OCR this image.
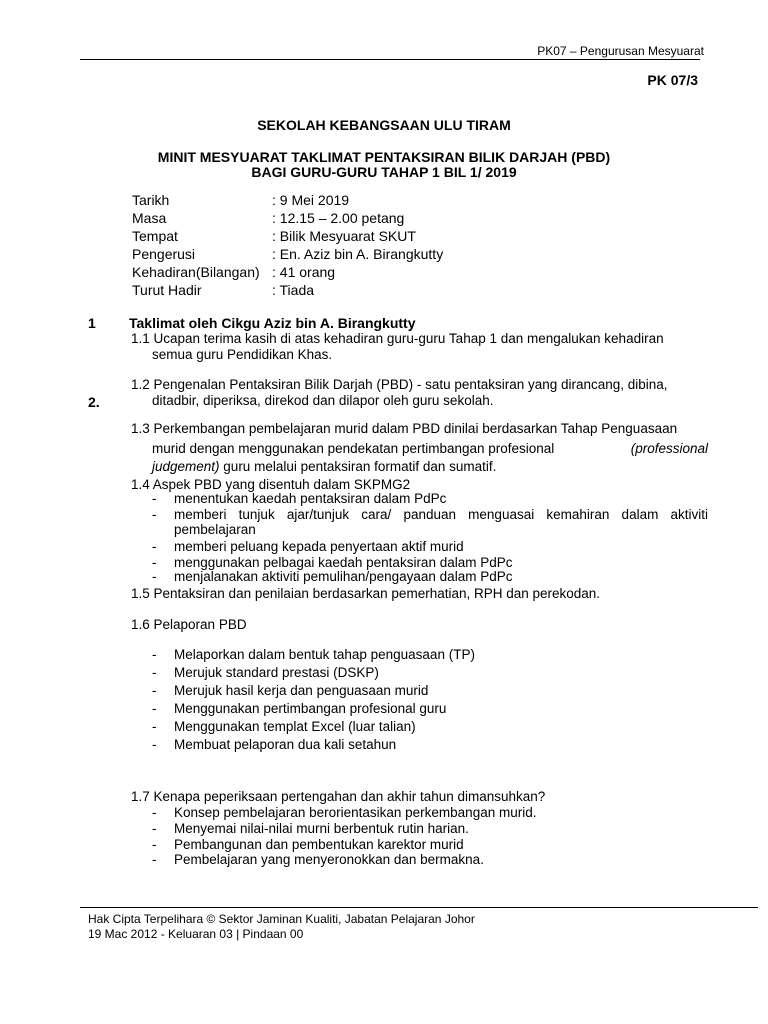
PK07 – Pengurusan Mesyuarat
PK 07/3
SEKOLAH KEBANGSAAN ULU TIRAM
MINIT MESYUARAT TAKLIMAT PENTAKSIRAN BILIK DARJAH (PBD)
BAGI GURU-GURU TAHAP 1 BIL 1/ 2019
Tarikh	: 9 Mei 2019
Masa	: 12.15 – 2.00 petang
Tempat	: Bilik Mesyuarat SKUT
Pengerusi	: En. Aziz bin A. Birangkutty
Kehadiran(Bilangan) : 41 orang
Turut Hadir	: Tiada
1 Taklimat oleh Cikgu Aziz bin A. Birangkutty
1.1 Ucapan terima kasih di atas kehadiran guru-guru Tahap 1 dan mengalukan kehadiran
semua guru Pendidikan Khas.
1.2 Pengenalan Pentaksiran Bilik Darjah (PBD) - satu pentaksiran yang dirancang, dibina,
2.	ditadbir, diperiksa, direkod dan dilapor oleh guru sekolah.
1.3 Perkembangan pembelajaran murid dalam PBD dinilai berdasarkan Tahap Penguasaan
murid dengan menggunakan pendekatan pertimbangan profesional	(professional
judgement) guru melalui pentaksiran formatif dan sumatif.
1.4 Aspek PBD yang disentuh dalam SKPMG2
- menentukan kaedah pentaksiran dalam PdPc
- memberi tunjuk ajar/tunjuk cara/ panduan menguasai kemahiran dalam aktiviti
pembelajaran
- memberi peluang kepada penyertaan aktif murid
- menggunakan pelbagai kaedah pentaksiran dalam PdPc
- menjalanakan aktiviti pemulihan/pengayaan dalam PdPc
1.5 Pentaksiran dan penilaian berdasarkan pemerhatian, RPH dan perekodan.
1.6 Pelaporan PBD
- Melaporkan dalam bentuk tahap penguasaan (TP)
- Merujuk standard prestasi (DSKP)
- Merujuk hasil kerja dan penguasaan murid
- Menggunakan pertimbangan profesional guru
- Menggunakan templat Excel (luar talian)
- Membuat pelaporan dua kali setahun
1.7 Kenapa peperiksaan pertengahan dan akhir tahun dimansuhkan?
- Konsep pembelajaran berorientasikan perkembangan murid.
- Menyemai nilai-nilai murni berbentuk rutin harian.
- Pembangunan dan pembentukan karektor murid
- Pembelajaran yang menyeronokkan dan bermakna.
Hak Cipta Terpelihara © Sektor Jaminan Kualiti, Jabatan Pelajaran Johor
19 Mac 2012 - Keluaran 03 | Pindaan 00
